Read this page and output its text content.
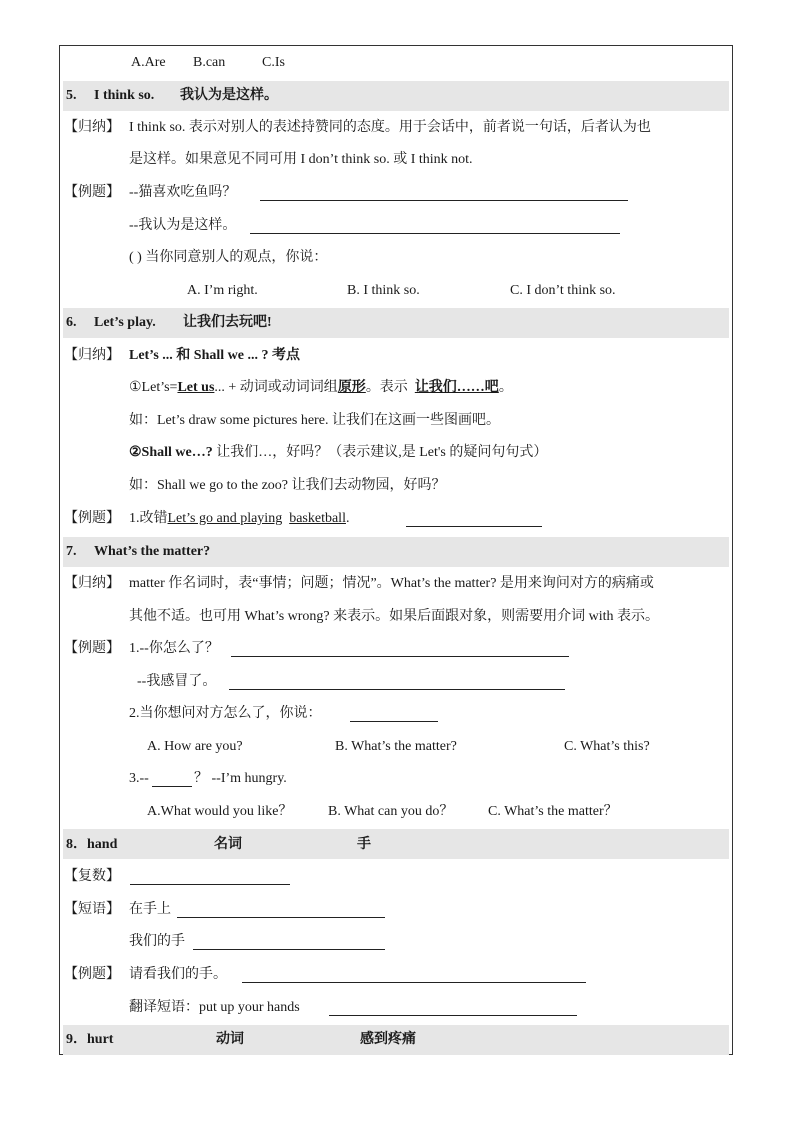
A.Are B.can	C.Is
5. I think so. 我认为是这样。
【归纳】 I think so. 表示对别人的表述持赞同的态度。用于会话中，前者说一句话，后者认为也
是这样。如果意见不同可用 I don’t think so. 或 I think not.
【例题】 --猫喜欢吃鱼吗？
--我认为是这样。
( ) 当你同意别人的观点，你说：
A. I’m right.	B. I think so.	C. I don’t think so.
6. Let’s play. 让我们去玩吧!
【归纳】 Let’s ... 和 Shall we ... ? 考点
①Let’s=Let us... + 动词或动词词组原形。表示 让我们……吧。
如：Let’s draw some pictures here. 让我们在这画一些图画吧。
②Shall we…? 让我们…，好吗？（表示建议,是 Let's 的疑问句句式）
如：Shall we go to the zoo? 让我们去动物园，好吗？
【例题】 1.改错Let’s go and playing basketball.
7. What’s the matter?
【归纳】 matter 作名词时，表“事情；问题；情况”。What’s the matter? 是用来询问对方的病痛或
其他不适。也可用 What’s wrong? 来表示。如果后面跟对象，则需要用介词 with 表示。
【例题】 1.--你怎么了？
--我感冒了。
2.当你想问对方怎么了，你说：
A. How are you?	B. What’s the matter?	C. What’s this?
3.--	？ --I’m hungry.
A.What would you like？	B. What can you do？ C. What’s the matter？
8．hand	名词	手
【复数】
【短语】 在手上
我们的手
【例题】 请看我们的手。
翻译短语：put up your hands
9．hurt	动词	感到疼痛
